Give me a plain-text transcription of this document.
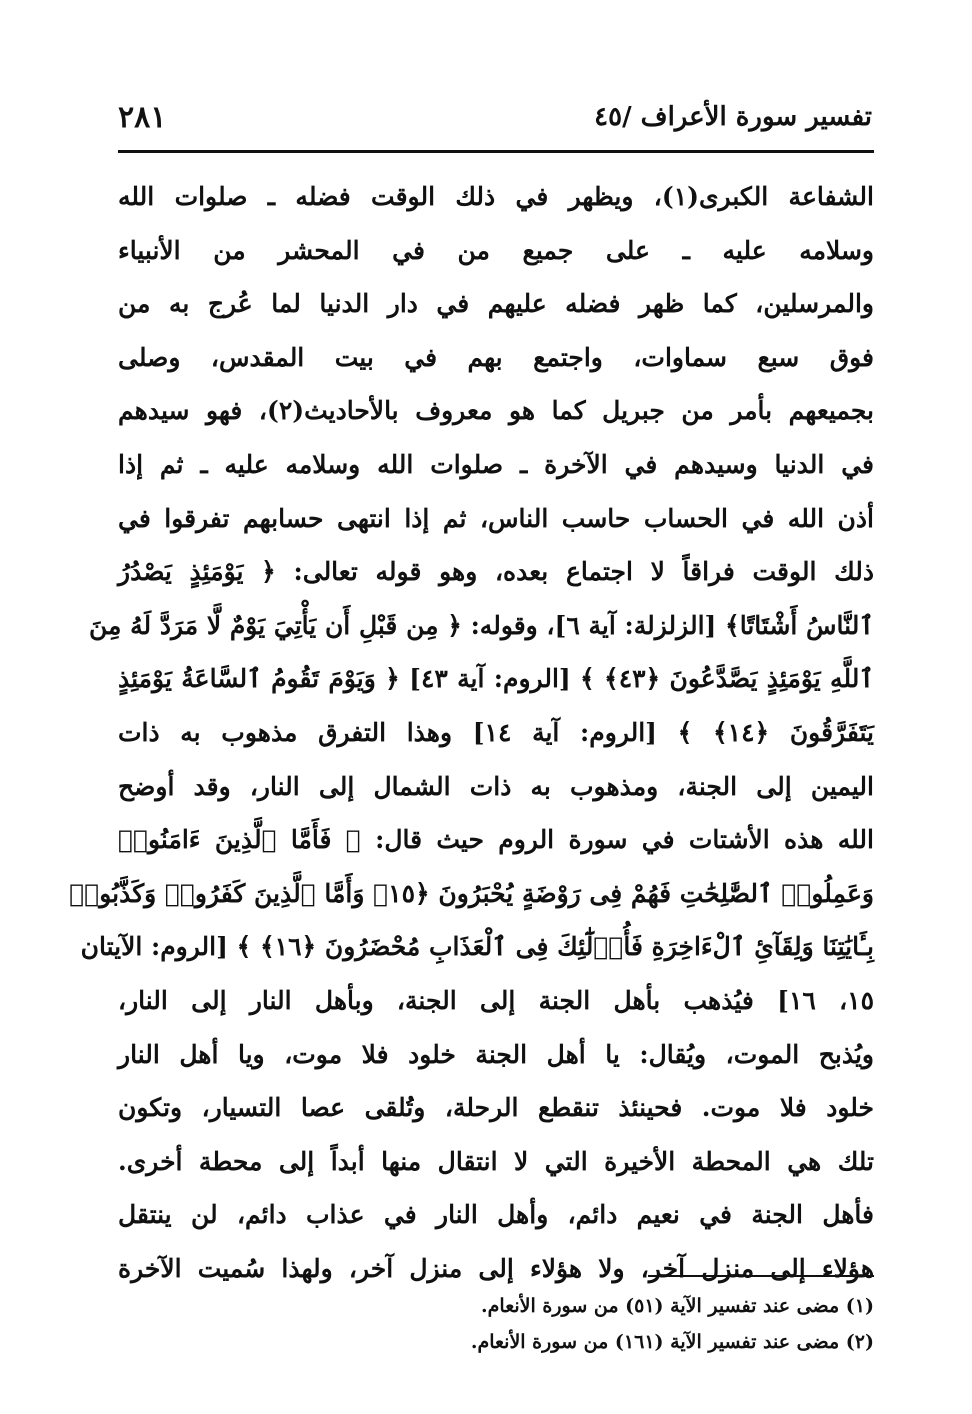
تفسير سورة الأعراف /٤٥
٢٨١
الشفاعة الكبرى(١)، ويظهر في ذلك الوقت فضله ـ صلوات الله
وسلامه عليه ـ على جميع من في المحشر من الأنبياء
والمرسلين، كما ظهر فضله عليهم في دار الدنيا لما عُرج به من
فوق سبع سماوات، واجتمع بهم في بيت المقدس، وصلى
بجميعهم بأمر من جبريل كما هو معروف بالأحاديث(٢)، فهو سيدهم
في الدنيا وسيدهم في الآخرة ـ صلوات الله وسلامه عليه ـ ثم إذا
أذن الله في الحساب حاسب الناس، ثم إذا انتهى حسابهم تفرقوا في
ذلك الوقت فراقاً لا اجتماع بعده، وهو قوله تعالى: ﴿ يَوْمَئِذٍ يَصْدُرُ
ٱلنَّاسُ أَشْتَاتًا﴾ [الزلزلة: آية ٦]، وقوله: ﴿ مِن قَبْلِ أَن يَأْتِيَ يَوْمٌ لَّا مَرَدَّ لَهُ مِنَ
ٱللَّهِ يَوْمَئِذٍ يَصَّدَّعُونَ ﴿٤٣﴾ ﴾ [الروم: آية ٤٣] ﴿ وَيَوْمَ تَقُومُ ٱلسَّاعَةُ يَوْمَئِذٍ
يَتَفَرَّقُونَ ﴿١٤﴾ ﴾ [الروم: آية ١٤] وهذا التفرق مذهوب به ذات
اليمين إلى الجنة، ومذهوب به ذات الشمال إلى النار، وقد أوضح
الله هذه الأشتات في سورة الروم حيث قال: ﴿ فَأَمَّا ٱلَّذِينَ ءَامَنُوا۟
وَعَمِلُوا۟ ٱلصَّٰلِحَٰتِ فَهُمْ فِى رَوْضَةٍ يُحْبَرُونَ ﴿١٥﴾ وَأَمَّا ٱلَّذِينَ كَفَرُوا۟ وَكَذَّبُوا۟
بِـَٔايَٰتِنَا وَلِقَآئِ ٱلْءَاخِرَةِ فَأُو۟لَٰٓئِكَ فِى ٱلْعَذَابِ مُحْضَرُونَ ﴿١٦﴾ ﴾ [الروم: الآيتان
١٥، ١٦] فيُذهب بأهل الجنة إلى الجنة، وبأهل النار إلى النار،
ويُذبح الموت، ويُقال: يا أهل الجنة خلود فلا موت، ويا أهل النار
خلود فلا موت. فحينئذ تنقطع الرحلة، وتُلقى عصا التسيار، وتكون
تلك هي المحطة الأخيرة التي لا انتقال منها أبداً إلى محطة أخرى.
فأهل الجنة في نعيم دائم، وأهل النار في عذاب دائم، لن ينتقل
هؤلاء إلى منزل آخر، ولا هؤلاء إلى منزل آخر، ولهذا سُميت الآخرة
(١) مضى عند تفسير الآية (٥١) من سورة الأنعام.
(٢) مضى عند تفسير الآية (١٦١) من سورة الأنعام.
